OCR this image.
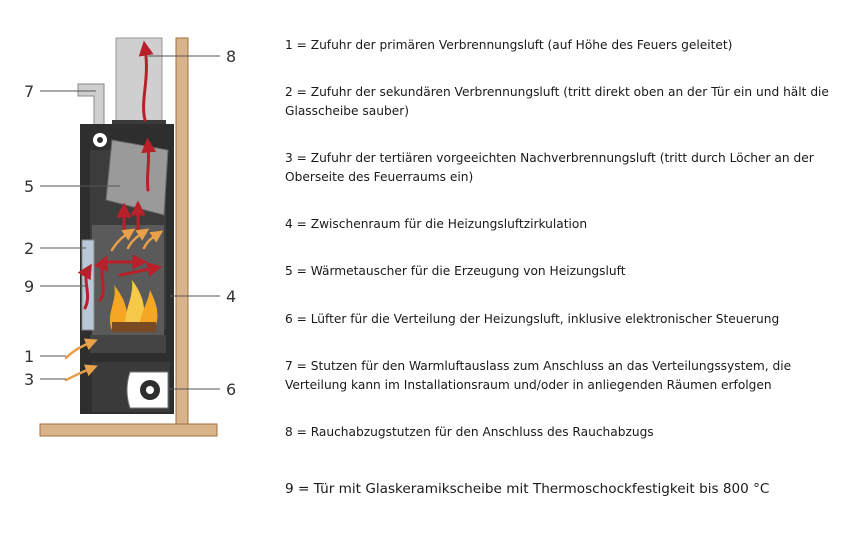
7
5
2
9
1
3
8
4
6
1 = Zufuhr der primären Verbrennungsluft (auf Höhe des Feuers geleitet)
2 = Zufuhr der sekundären Verbrennungsluft (tritt direkt oben an der Tür ein und hält die Glasscheibe sauber)
3 = Zufuhr der tertiären vorgeeichten Nachverbrennungsluft (tritt durch Löcher an der Oberseite des Feuerraums ein)
4 = Zwischenraum für die Heizungsluftzirkulation
5 = Wärmetauscher für die Erzeugung von Heizungsluft
6 = Lüfter für die Verteilung der Heizungsluft, inklusive elektronischer Steuerung
7 = Stutzen für den Warmluftauslass zum Anschluss an das Verteilungssystem, die Verteilung kann im Installationsraum und/oder in anliegenden Räumen erfolgen
8 = Rauchabzugstutzen für den Anschluss des Rauchabzugs
9 = Tür mit Glaskeramikscheibe mit Thermoschockfestigkeit bis 800 °C
